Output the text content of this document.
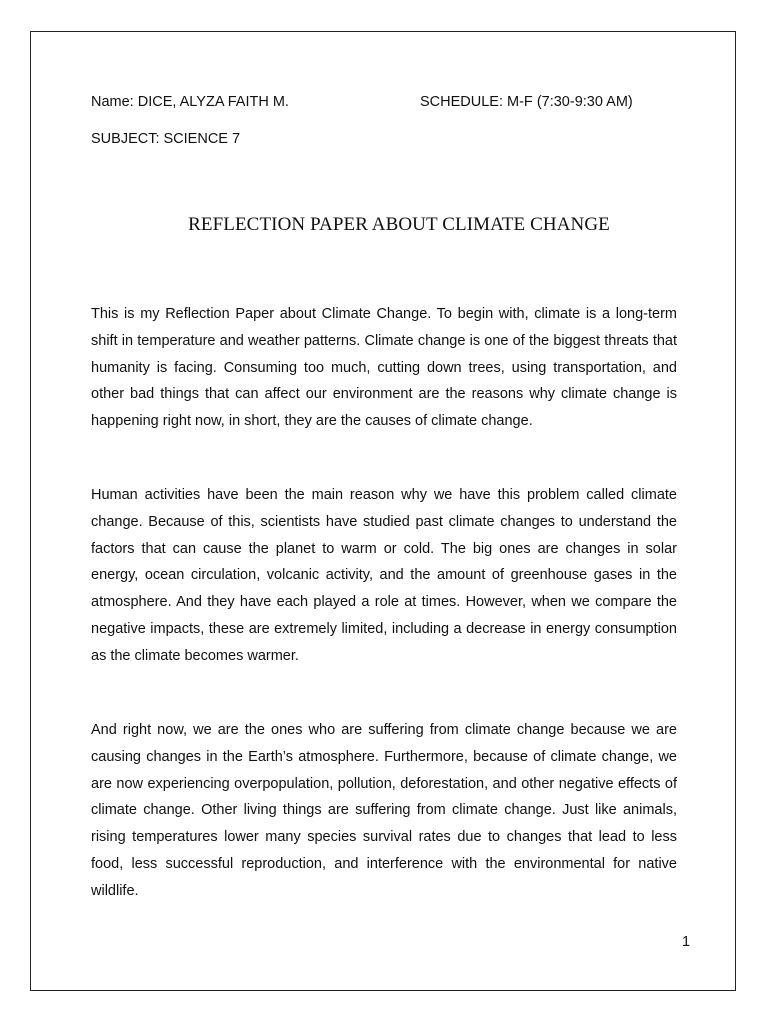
Name: DICE, ALYZA FAITH M.	SCHEDULE: M-F (7:30-9:30 AM)
SUBJECT: SCIENCE 7
REFLECTION PAPER ABOUT CLIMATE CHANGE

This is my Reflection Paper about Climate Change. To begin with, climate is a long-term shift in temperature and weather patterns. Climate change is one of the biggest threats that humanity is facing. Consuming too much, cutting down trees, using transportation, and other bad things that can affect our environment are the reasons why climate change is happening right now, in short, they are the causes of climate change.

Human activities have been the main reason why we have this problem called climate change. Because of this, scientists have studied past climate changes to understand the factors that can cause the planet to warm or cold. The big ones are changes in solar energy, ocean circulation, volcanic activity, and the amount of greenhouse gases in the atmosphere. And they have each played a role at times. However, when we compare the negative impacts, these are extremely limited, including a decrease in energy consumption as the climate becomes warmer.

And right now, we are the ones who are suffering from climate change because we are causing changes in the Earth’s atmosphere. Furthermore, because of climate change, we are now experiencing overpopulation, pollution, deforestation, and other negative effects of climate change. Other living things are suffering from climate change. Just like animals, rising temperatures lower many species survival rates due to changes that lead to less food, less successful reproduction, and interference with the environmental for native wildlife.

1
